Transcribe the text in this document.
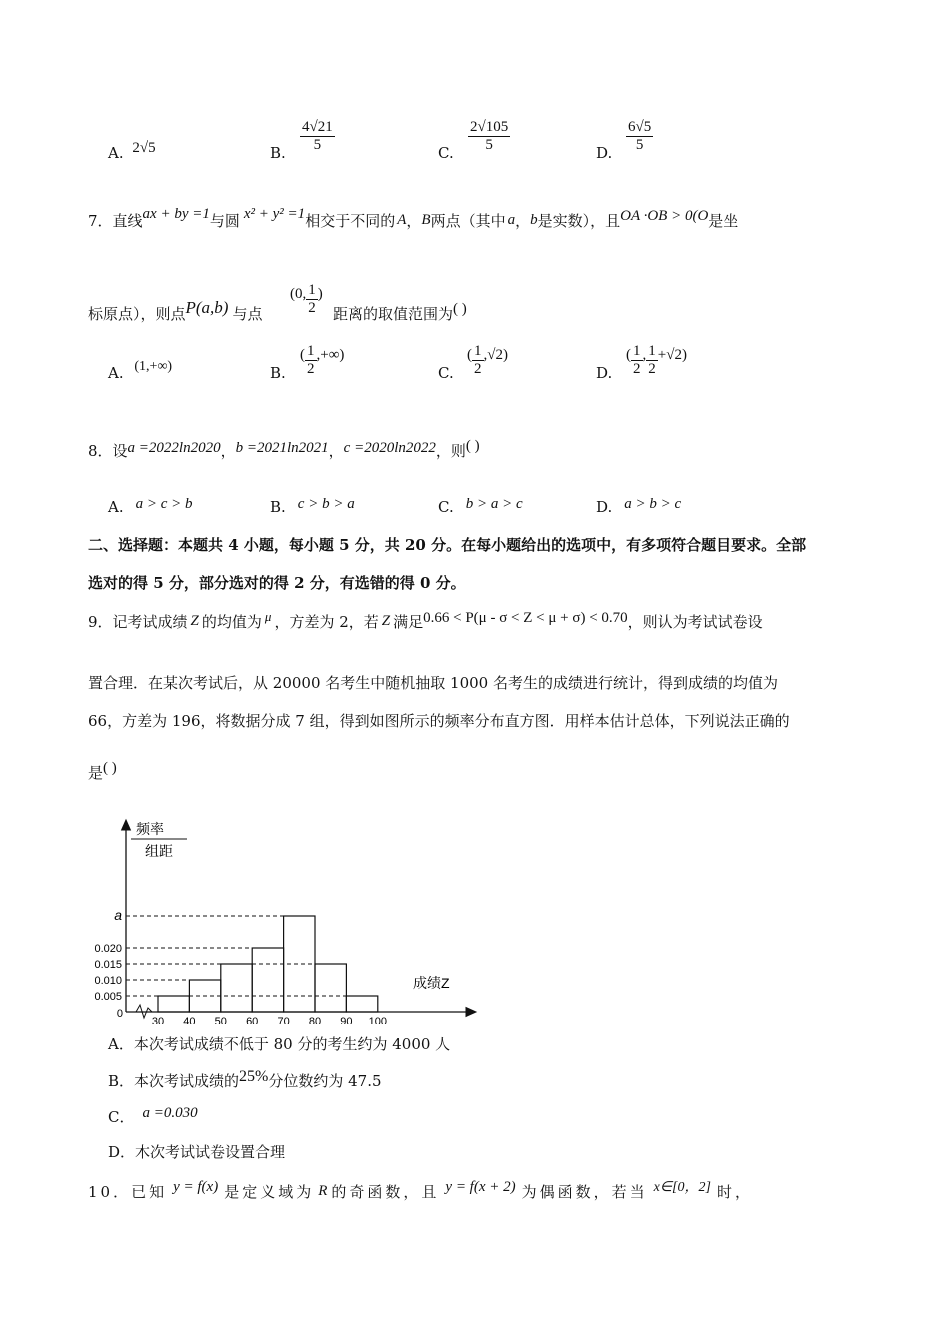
A. 2√5	B. $\frac{4√21}{5}$	C. $\frac{2√105}{5}$	D. $\frac{6√5}{5}$
7．直线ax + by =1与圆 x² + y² =1相交于不同的 A，B两点（其中 a，b是实数），且OA ·OB > 0(O是坐
标原点），则点P(a,b) 与点
(0, $\frac{1}{2}$ )
距离的取值范围为( )
A. (1,+∞)	B.
( $\frac{1}{2}$ ,+∞)
C.
( $\frac{1}{2} ,√2$)
D.
( $\frac{1}{2}$ , $\frac{1}{2} +√2$)
8．设a =2022ln2020，b =2021ln2021，c =2020ln2022，则( )
A. a > c > b	B. c > b > a	C. b > a > c	D. a > b > c
二、选择题：本题共 4 小题，每小题 5 分，共 20 分。在每小题给出的选项中，有多项符合题目要求。全部
选对的得 5 分，部分选对的得 2 分，有选错的得 0 分。
9．记考试成绩 Z 的均值为 μ ，方差为 2，若 Z 满足0.66 < P(μ - σ < Z < μ + σ) < 0.70，则认为考试试卷设
置合理．在某次考试后，从 20000 名考生中随机抽取 1000 名考生的成绩进行统计，得到成绩的均值为
66，方差为 196，将数据分成 7 组，得到如图所示的频率分布直方图．用样本估计总体，下列说法正确的
是( )
频率
组距
成绩Z
0
30 40 50 60 70 80 90 100
0.005
0.010
0.015
0.020
a
A．本次考试成绩不低于 80 分的考生约为 4000 人
B．本次考试成绩的25%分位数约为 47.5
C． a =0.030
D．木次考试试卷设置合理
10．已知 y = f(x) 是定义域为 R 的奇函数，且 y = f(x + 2) 为偶函数，若当 x∈[0，2] 时，
